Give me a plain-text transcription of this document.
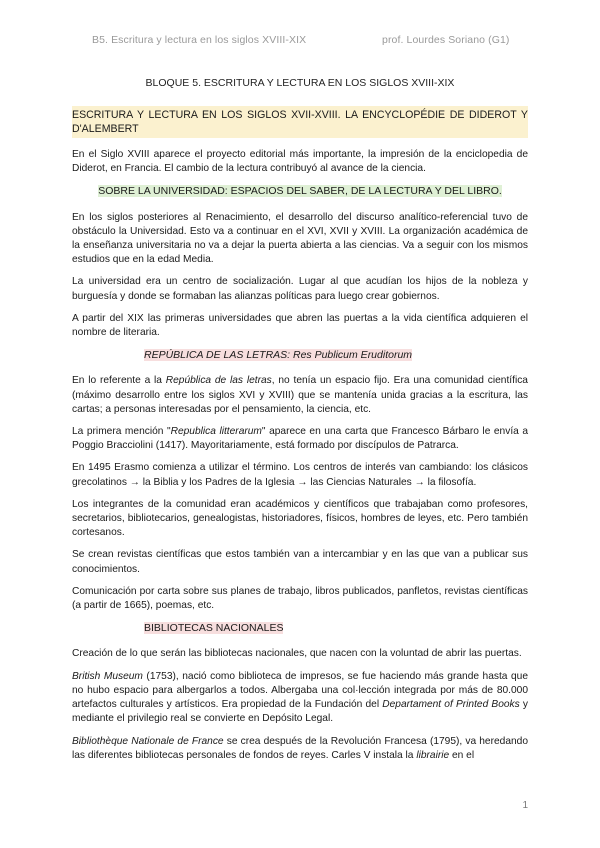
B5. Escritura y lectura en los siglos XVIII-XIX	prof. Lourdes Soriano (G1)
BLOQUE 5. ESCRITURA Y LECTURA EN LOS SIGLOS XVIII-XIX

ESCRITURA Y LECTURA EN LOS SIGLOS XVII-XVIII. LA ENCYCLOPÉDIE DE DIDEROT Y D'ALEMBERT

En el Siglo XVIII aparece el proyecto editorial más importante, la impresión de la enciclopedia de Diderot, en Francia. El cambio de la lectura contribuyó al avance de la ciencia.

SOBRE LA UNIVERSIDAD: ESPACIOS DEL SABER, DE LA LECTURA Y DEL LIBRO.

En los siglos posteriores al Renacimiento, el desarrollo del discurso analítico-referencial tuvo de obstáculo la Universidad. Esto va a continuar en el XVI, XVII y XVIII. La organización académica de la enseñanza universitaria no va a dejar la puerta abierta a las ciencias. Va a seguir con los mismos estudios que en la edad Media.

La universidad era un centro de socialización. Lugar al que acudían los hijos de la nobleza y burguesía y donde se formaban las alianzas políticas para luego crear gobiernos.

A partir del XIX las primeras universidades que abren las puertas a la vida científica adquieren el nombre de literaria.

REPÚBLICA DE LAS LETRAS: Res Publicum Eruditorum

En lo referente a la República de las letras, no tenía un espacio fijo. Era una comunidad científica (máximo desarrollo entre los siglos XVI y XVIII) que se mantenía unida gracias a la escritura, las cartas; a personas interesadas por el pensamiento, la ciencia, etc.

La primera mención "Republica litterarum" aparece en una carta que Francesco Bárbaro le envía a Poggio Bracciolini (1417). Mayoritariamente, está formado por discípulos de Patrarca.

En 1495 Erasmo comienza a utilizar el término. Los centros de interés van cambiando: los clásicos grecolatinos → la Biblia y los Padres de la Iglesia → las Ciencias Naturales → la filosofía.

Los integrantes de la comunidad eran académicos y científicos que trabajaban como profesores, secretarios, bibliotecarios, genealogistas, historiadores, físicos, hombres de leyes, etc. Pero también cortesanos.

Se crean revistas científicas que estos también van a intercambiar y en las que van a publicar sus conocimientos.

Comunicación por carta sobre sus planes de trabajo, libros publicados, panfletos, revistas científicas (a partir de 1665), poemas, etc.

BIBLIOTECAS NACIONALES

Creación de lo que serán las bibliotecas nacionales, que nacen con la voluntad de abrir las puertas.

British Museum (1753), nació como biblioteca de impresos, se fue haciendo más grande hasta que no hubo espacio para albergarlos a todos. Albergaba una col·lección integrada por más de 80.000 artefactos culturales y artísticos. Era propiedad de la Fundación del Departament of Printed Books y mediante el privilegio real se convierte en Depósito Legal.

Bibliothèque Nationale de France se crea después de la Revolución Francesa (1795), va heredando las diferentes bibliotecas personales de fondos de reyes. Carles V instala la librairie en el

1
